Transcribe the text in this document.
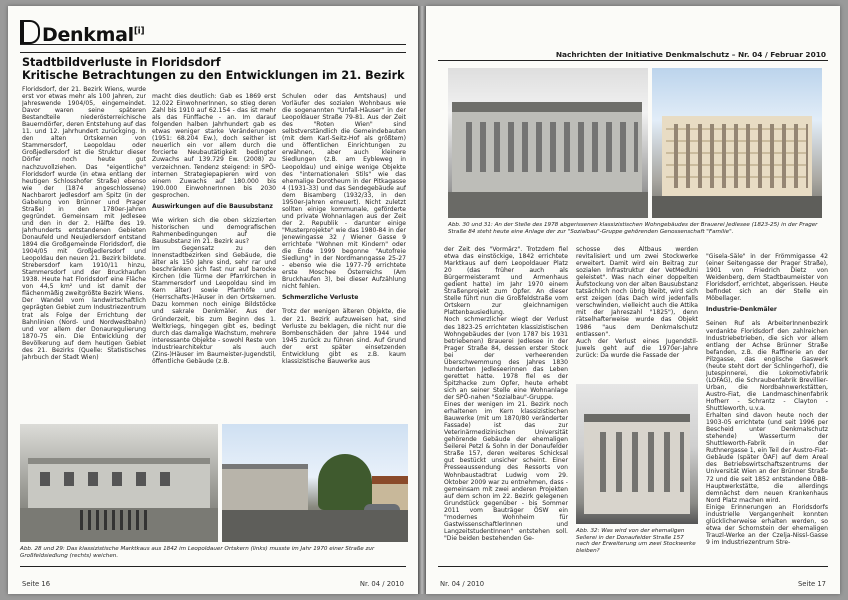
Denkmal[i]
Stadtbildverluste in Floridsdorf
Kritische Betrachtungen zu den Entwicklungen im 21. Bezirk
Floridsdorf, der 21. Bezirk Wiens, wurde erst vor etwas mehr als 100 Jahren, zur Jahreswende 1904/05, eingemeindet. Davor waren seine späteren Bestandteile niederösterreichische Bauerndörfer, deren Entstehung auf das 11. und 12. Jahrhundert zurückging. In den alten Ortskernen von Stammersdorf, Leopoldau oder Großjedlersdorf ist die Struktur dieser Dörfer noch heute gut nachzuvollziehen. Das "eigentliche" Floridsdorf wurde (in etwa entlang der heutigen Schlosshofer Straße) ebenso wie der (1874 angeschlossene) Nachbarort Jedlesdorf am Spitz (in der Gabelung von Brünner und Prager Straße) in den 1780er-Jahren gegründet. Gemeinsam mit Jedlesee und den in der 2. Hälfte des 19. Jahrhunderts entstandenen Gebieten Donaufeld und Neujedlersdorf entstand 1894 die Großgemeinde Floridsdorf, die 1904/05 mit Großjedlersdorf und Leopoldau den neuen 21. Bezirk bildete. Strebersdorf kam 1910/11 hinzu, Stammersdorf und der Bruckhaufen 1938. Heute hat Floridsdorf eine Fläche von 44,5 km² und ist damit der flächenmäßig zweitgrößte Bezirk Wiens.
Der Wandel vom landwirtschaftlich geprägten Gebiet zum Industriezentrum trat als Folge der Errichtung der Bahnlinien (Nord- und Nordwestbahn) und vor allem der Donauregulierung 1870-75 ein. Die Entwicklung der Bevölkerung auf dem heutigen Gebiet des 21. Bezirks (Quelle: Statistisches Jahrbuch der Stadt Wien)

macht dies deutlich: Gab es 1869 erst 12.022 EinwohnerInnen, so stieg deren Zahl bis 1910 auf 62.154 - das ist mehr als das Fünffache - an. Im darauf folgenden halben Jahrhundert gab es etwas weniger starke Veränderungen (1951: 68.204 Ew.), doch seither ist neuerlich ein vor allem durch die forcierte Neubautätigkeit bedingter Zuwachs auf 139.729 Ew. (2008) zu verzeichnen. Tendenz steigend: in SPÖ-internen Strategiepapieren wird von einem Zuwachs auf 180.000 bis 190.000 EinwohnerInnen bis 2030 gesprochen.

Auswirkungen auf die Bausubstanz

Wie wirken sich die oben skizzierten historischen und demografischen Rahmenbedingungen auf die Bausubstanz im 21. Bezirk aus?
Im Gegensatz zu den Innenstadtbezirken sind Gebäude, die älter als 150 Jahre sind, sehr rar und beschränken sich fast nur auf barocke Kirchen (die Türme der Pfarrkirchen in Stammersdorf und Leopoldau sind im Kern älter) sowie Pfarrhöfe und (Herrschafts-)Häuser in den Ortskernen. Dazu kommen noch einige Bildstöcke und sakrale Denkmäler. Aus der Gründerzeit, bis zum Beginn des 1. Weltkriegs, hingegen gibt es, bedingt durch das damalige Wachstum, mehrere interessante Objekte - sowohl Reste von Industriearchitektur als auch (Zins-)Häuser im Baumeister-Jugendstil, öffentliche Gebäude (z.B.

Schulen oder das Amtshaus) und Vorläufer des sozialen Wohnbaus wie die sogenannten "Unfall-Häuser" in der Leopoldauer Straße 79-81. Aus der Zeit des "Roten Wien" sind selbstverständlich die Gemeindebauten (mit dem Karl-Seitz-Hof als größtem) und öffentlichen Einrichtungen zu erwähnen, aber auch kleinere Siedlungen (z.B. am Eybleweg in Leopoldau) und einige wenige Objekte des "internationalen Stils" wie das ehemalige Dorotheum in der Pitkagasse 4 (1931-33) und das Sendegebäude auf dem Bisamberg (1932/33, in den 1950er-Jahren erneuert). Nicht zuletzt sollten einige kommunale, geförderte und private Wohnanlagen aus der Zeit der 2. Republik - darunter einige "Musterprojekte" wie das 1980-84 in der Jenewingasse 32 / Wiener Gasse 9 errichtete "Wohnen mit Kindern" oder die Ende 1999 begonne "Autofreie Siedlung" in der Nordmanngasse 25-27 - ebenso wie die 1977-79 errichtete erste Moschee Österreichs (Am Bruckhaufen 3), bei dieser Aufzählung nicht fehlen.

Schmerzliche Verluste

Trotz der wenigen älteren Objekte, die der 21. Bezirk aufzuweisen hat, sind Verluste zu beklagen, die nicht nur die Bombenschäden der Jahre 1944 und 1945 zurück zu führen sind. Auf Grund der erst später einsetzenden Entwicklung gibt es z.B. kaum klassizistische Bauwerke aus

Abb. 28 und 29: Das klassizistische Marktkaus aus 1842 im Leopoldauer Ortskern (links) musste im Jahr 1970 einer Straße zur Großfeldsiedlung (rechts) weichen.
Seite 16	Nr. 04 / 2010
Nachrichten der Initiative Denkmalschutz – Nr. 04 / Februar 2010
Abb. 30 und 31: An der Stelle des 1978 abgerissenen klassizistischen Wohngebäudes der Brauerei Jedlesee (1823-25) in der Prager Straße 84 steht heute eine Anlage der zur "Sozialbau"-Gruppe gehörenden Genossenschaft "Familie".
der Zeit des "Vormärz". Trotzdem fiel etwa das einstöckige, 1842 errichtete Marktkaus auf dem Leopoldauer Platz 20 (das früher auch als Bürgermeisteramt und Armenhaus gedient hatte) im Jahr 1970 einem Straßenprojekt zum Opfer. An dieser Stelle führt nun die Großfeldstraße vom Ortskern zur gleichnamigen Plattenbausiedlung.
Noch schmerzlicher wiegt der Verlust des 1823-25 errichteten klassizistischen Wohngebäudes der (von 1787 bis 1931 betriebenen) Brauerei Jedlesee in der Prager Straße 84, dessen erster Stock bei der verheerenden Überschwemmung des Jahres 1830 hunderten Jedleseerinnen das Leben gerettet hatte. 1978 fiel es der Spitzhacke zum Opfer, heute erhebt sich an seiner Stelle eine Wohnanlage der SPÖ-nahen "Sozialbau"-Gruppe.
Eines der wenigen im 21. Bezirk noch erhaltenen im Kern klassizistischen Bauwerke (mit um 1870/80 veränderter Fassade) ist das zur Veterinärmedizinischen Universität gehörende Gebäude der ehemaligen Seilerei Petzl & Sohn in der Donaufelder Straße 157, deren weiteres Schicksal gut bestückt unsicher scheint. Einer Presseaussendung des Ressorts von Wohnbaustadtrat Ludwig vom 29. Oktober 2009 war zu entnehmen, dass - gemeinsam mit zwei anderen Projekten auf dem schon im 22. Bezirk gelegenen Grundstück gegenüber - bis Sommer 2011 vom Bauträger ÖSW ein "modernes Wohnheim für GastwissenschaftlerInnen und LangzeitstudentInnen" entstehen soll. "Die beiden bestehenden Ge-
schosse des Altbaus werden revitalisiert und um zwei Stockwerke erweitert. Damit wird ein Beitrag zur sozialen Infrastruktur der VetMedUni geleistet". Was nach einer doppelten Aufstockung von der alten Bausubstanz tatsächlich noch übrig bleibt, wird sich erst zeigen (das Dach wird jedenfalls verschwinden, vielleicht auch die Attika mit der Jahreszahl "1825"), denn rätselhafterweise wurde das Objekt 1986 "aus dem Denkmalschutz entlassen".
Auch der Verlust eines Jugendstil-Juwels geht auf die 1970er-Jahre zurück: Da wurde die Fassade der
Abb. 32: Was wird von der ehemaligen Seilerei in der Donaufelder Straße 157 nach der Erweiterung um zwei Stockwerke bleiben?

"Gisela-Säle" in der Frömmigasse 42 (einer Seitengasse der Prager Straße), 1901 von Friedrich Dietz von Weidenberg, dem Stadtbaumeister von Floridsdorf, errichtet, abgerissen. Heute befindet sich an der Stelle ein Möbellager.

Industrie-Denkmäler

Seinen Ruf als ArbeiterInnenbezirk verdankte Floridsdorf den zahlreichen Industriebetrieben, die sich vor allem entlang der Achse Brünner Straße befanden, z.B. die Raffinerie an der Pilzgasse, das englische Gaswerk (heute steht dort der Schlingerhof), die Jutespinnerei, die Lokomotivfabrik (LOFAG), die Schraubenfabrik Brevillier-Urban, die Nordbahnwerkstätten, Austro-Fiat, die Landmaschinenfabrik Hofherr - Schrantz - Clayton - Shuttleworth, u.v.a.
Erhalten sind davon heute noch der 1903-05 errichtete (und seit 1996 per Bescheid unter Denkmalschutz stehende) Wasserturm der Shuttleworth-Fabrik in der Ruthnergasse 1, ein Teil der Austro-Fiat-Gebäude (später ÖAF) auf dem Areal des Betriebswirtschaftszentrums der Universität Wien an der Brünner Straße 72 und die seit 1852 entstandene ÖBB-Hauptwerkstätte, die allerdings demnächst dem neuen Krankenhaus Nord Platz machen wird.
Einige Erinnerungen an Floridsdorfs industrielle Vergangenheit konnten glücklicherweise erhalten werden, so etwa der Schornstein der ehemaligen Trauzl-Werke an der Czelja-Nissl-Gasse 9 im Industriezentrum Stre-

Nr. 04 / 2010	Seite 17
